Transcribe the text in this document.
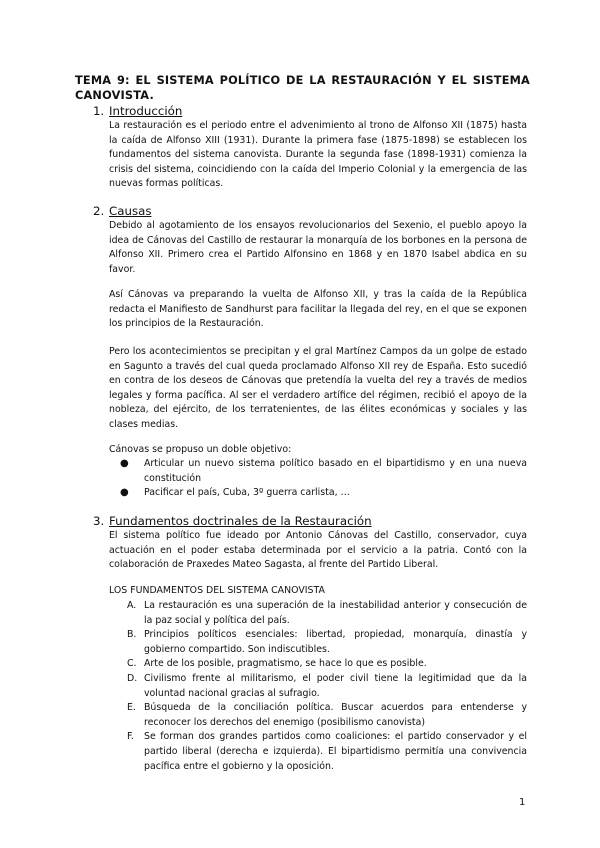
TEMA 9: EL SISTEMA POLÍTICO DE LA RESTAURACIÓN Y EL SISTEMA CANOVISTA.
1. Introducción

La restauración es el periodo entre el advenimiento al trono de Alfonso XII (1875) hasta la caída de Alfonso XIII (1931). Durante la primera fase (1875-1898) se establecen los fundamentos del sistema canovista. Durante la segunda fase (1898-1931) comienza la crisis del sistema, coincidiendo con la caída del Imperio Colonial y la emergencia de las nuevas formas políticas.

2. Causas

Debido al agotamiento de los ensayos revolucionarios del Sexenio, el pueblo apoyo la idea de Cánovas del Castillo de restaurar la monarquía de los borbones en la persona de Alfonso XII. Primero crea el Partido Alfonsino en 1868 y en 1870 Isabel abdica en su favor.

Así Cánovas va preparando la vuelta de Alfonso XII, y tras la caída de la República redacta el Manifiesto de Sandhurst para facilitar la llegada del rey, en el que se exponen los principios de la Restauración.

Pero los acontecimientos se precipitan y el gral Martínez Campos da un golpe de estado en Sagunto a través del cual queda proclamado Alfonso XII rey de España. Esto sucedió en contra de los deseos de Cánovas que pretendía la vuelta del rey a través de medios legales y forma pacífica. Al ser el verdadero artífice del régimen, recibió el apoyo de la nobleza, del ejército, de los terratenientes, de las élites económicas y sociales y las clases medias.

Cánovas se propuso un doble objetivo:

● Articular un nuevo sistema político basado en el bipartidismo y en una nueva constitución
● Pacificar el país, Cuba, 3º guerra carlista, …
3. Fundamentos doctrinales de la Restauración

El sistema político fue ideado por Antonio Cánovas del Castillo, conservador, cuya actuación en el poder estaba determinada por el servicio a la patria. Contó con la colaboración de Praxedes Mateo Sagasta, al frente del Partido Liberal.

LOS FUNDAMENTOS DEL SISTEMA CANOVISTA

A. La restauración es una superación de la inestabilidad anterior y consecución de la paz social y política del país.
B. Principios políticos esenciales: libertad, propiedad, monarquía, dinastía y gobierno compartido. Son indiscutibles.
C. Arte de los posible, pragmatismo, se hace lo que es posible.
D. Civilismo frente al militarismo, el poder civil tiene la legitimidad que da la voluntad nacional gracias al sufragio.
E. Búsqueda de la conciliación política. Buscar acuerdos para entenderse y reconocer los derechos del enemigo (posibilismo canovista)
F. Se forman dos grandes partidos como coaliciones: el partido conservador y el partido liberal (derecha e izquierda). El bipartidismo permitía una convivencia pacífica entre el gobierno y la oposición.
1
